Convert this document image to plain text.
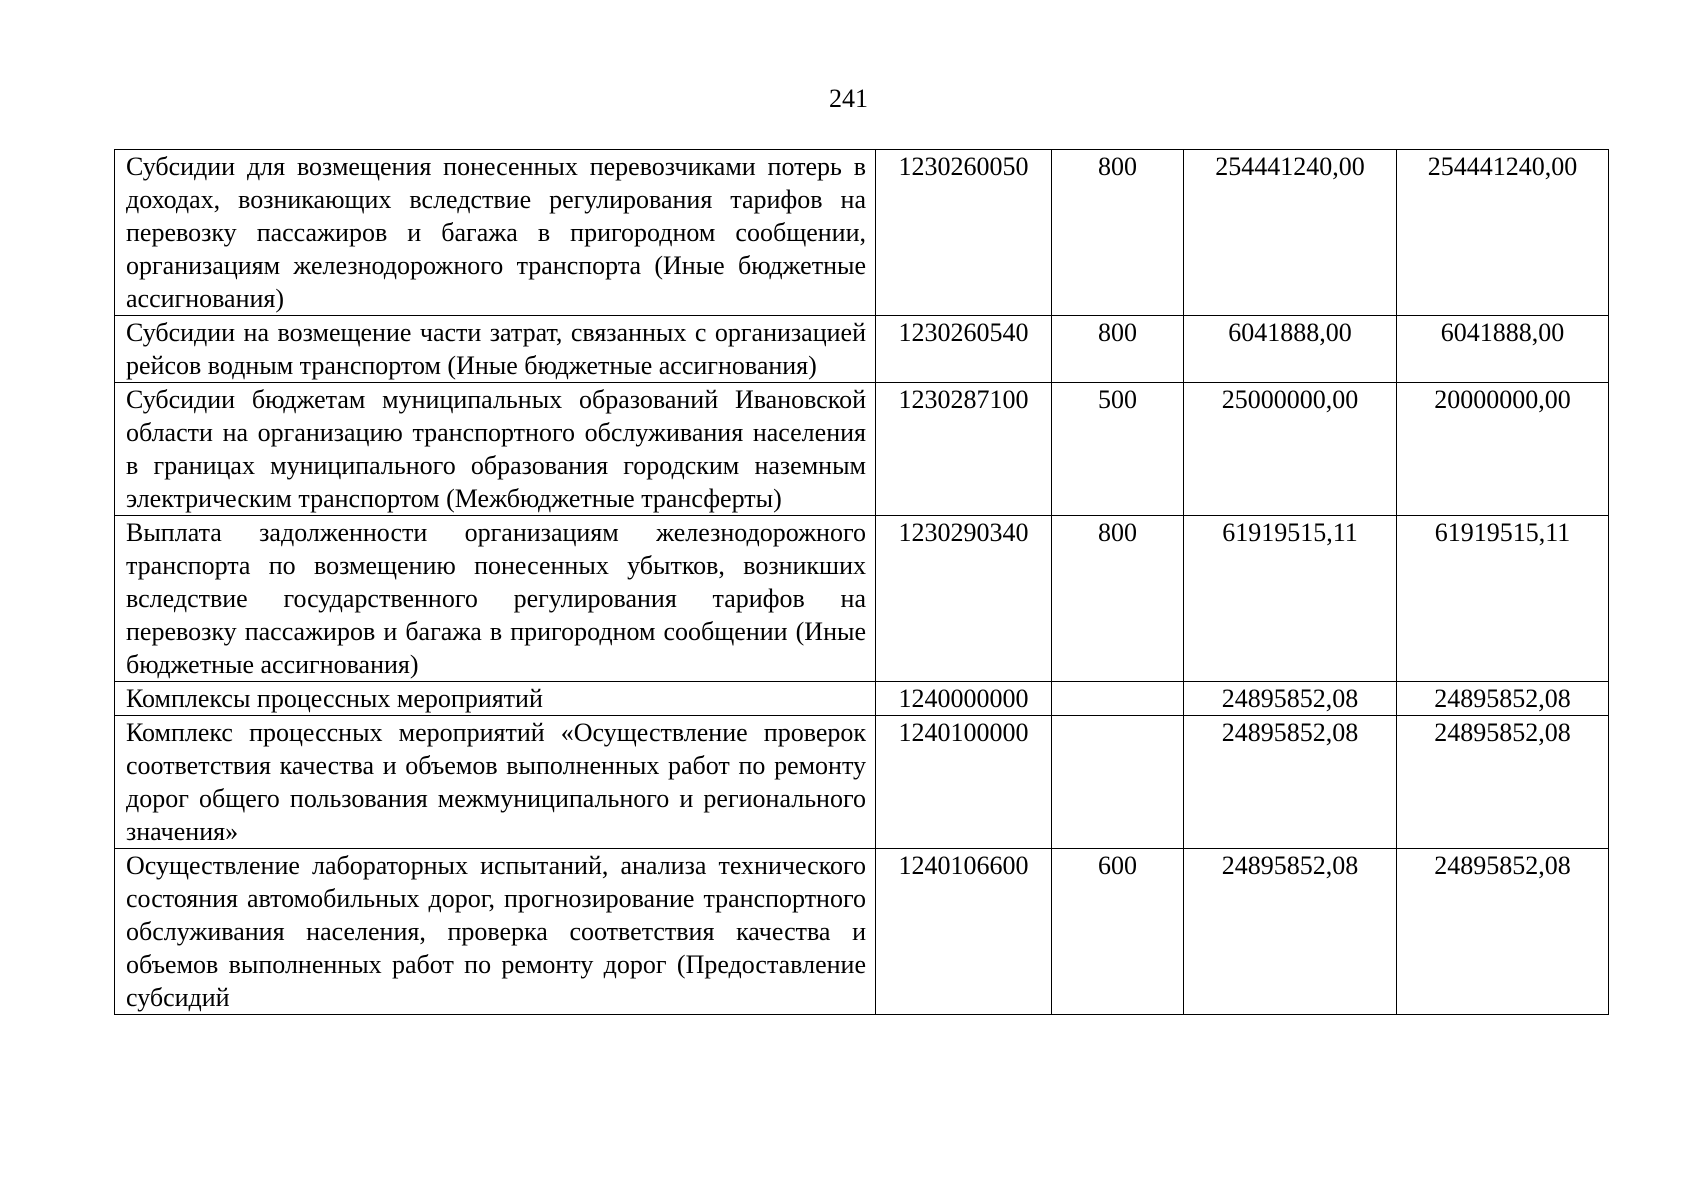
241
Субсидии для возмещения понесенных перевозчиками потерь в доходах, возникающих вследствие регулирования тарифов на перевозку пассажиров и багажа в пригородном сообщении, организациям железнодорожного транспорта (Иные бюджетные ассигнования)	1230260050	800	254441240,00	254441240,00
Субсидии на возмещение части затрат, связанных с организацией рейсов водным транспортом (Иные бюджетные ассигнования)	1230260540	800	6041888,00	6041888,00
Субсидии бюджетам муниципальных образований Ивановской области на организацию транспортного обслуживания населения в границах муниципального образования городским наземным электрическим транспортом (Межбюджетные трансферты)	1230287100	500	25000000,00	20000000,00
Выплата задолженности организациям железнодорожного транспорта по возмещению понесенных убытков, возникших вследствие государственного регулирования тарифов на перевозку пассажиров и багажа в пригородном сообщении (Иные бюджетные ассигнования)	1230290340	800	61919515,11	61919515,11
Комплексы процессных мероприятий	1240000000		24895852,08	24895852,08
Комплекс процессных мероприятий «Осуществление проверок соответствия качества и объемов выполненных работ по ремонту дорог общего пользования межмуниципального и регионального значения»	1240100000		24895852,08	24895852,08
Осуществление лабораторных испытаний, анализа технического состояния автомобильных дорог, прогнозирование транспортного обслуживания населения, проверка соответствия качества и объемов выполненных работ по ремонту дорог (Предоставление субсидий	1240106600	600	24895852,08	24895852,08
